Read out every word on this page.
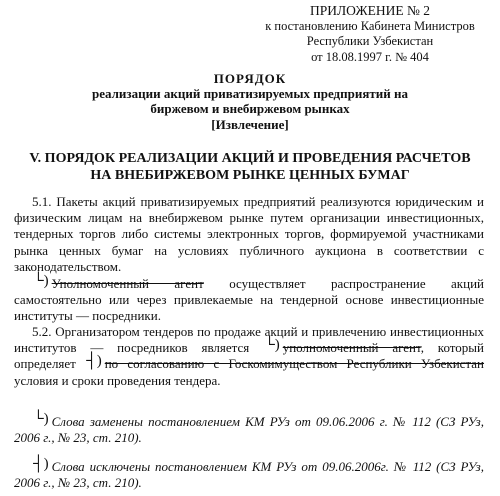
ПРИЛОЖЕНИЕ № 2
к постановлению Кабинета Министров
Республики Узбекистан
от 18.08.1997 г. № 404
ПОРЯДОК
реализации акций приватизируемых предприятий на
биржевом и внебиржевом рынках
[Извлечение]
V. ПОРЯДОК РЕАЛИЗАЦИИ АКЦИЙ И ПРОВЕДЕНИЯ РАСЧЕТОВ
НА ВНЕБИРЖЕВОМ РЫНКЕ ЦЕННЫХ БУМАГ

5.1. Пакеты акций приватизируемых предприятий реализуются юридическим и физическим лицам на внебиржевом рынке путем организации инвестиционных, тендерных торгов либо системы электронных торгов, формируемой участниками рынка ценных бумаг на условиях публичного аукциона в соответствии с законодательством.

└) Уполномоченный агент осуществляет распространение акций самостоятельно или через привлекаемые на тендерной основе инвестиционные институты — посредники.

5.2. Организатором тендеров по продаже акций и привлечению инвестиционных институтов — посредников является └) уполномоченный агент, который определяет ┤) по согласованию с Госкомимуществом Республики Узбекистан условия и сроки проведения тендера.

└) Слова заменены постановлением КМ РУз от 09.06.2006 г. № 112 (СЗ РУз, 2006 г., № 23, ст. 210).

┤) Слова исключены постановлением КМ РУз от 09.06.2006г. № 112 (СЗ РУз, 2006 г., № 23, ст. 210).
